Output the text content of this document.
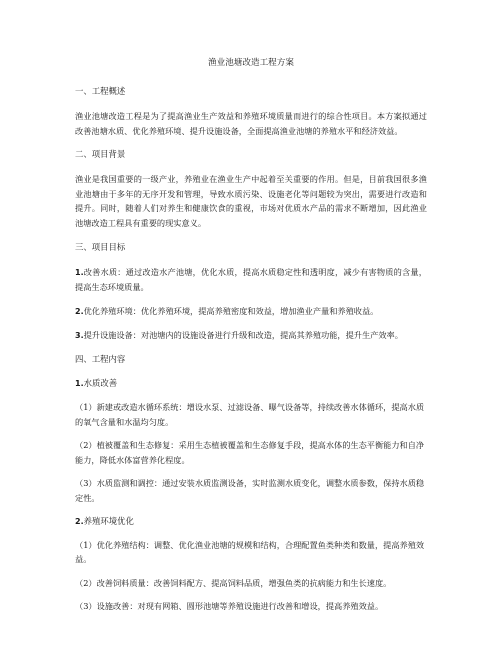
渔业池塘改造工程方案
一、工程概述
渔业池塘改造工程是为了提高渔业生产效益和养殖环境质量而进行的综合性项目。本方案拟通过改善池塘水质、优化养殖环境、提升设施设备，全面提高渔业池塘的养殖水平和经济效益。
二、项目背景
渔业是我国重要的一级产业，养殖业在渔业生产中起着至关重要的作用。但是，目前我国很多渔业池塘由于多年的无序开发和管理，导致水质污染、设施老化等问题较为突出，需要进行改造和提升。同时，随着人们对养生和健康饮食的重视，市场对优质水产品的需求不断增加，因此渔业池塘改造工程具有重要的现实意义。
三、项目目标
1.改善水质：通过改造水产池塘，优化水质，提高水质稳定性和透明度，减少有害物质的含量，提高生态环境质量。
2.优化养殖环境：优化养殖环境，提高养殖密度和效益，增加渔业产量和养殖收益。
3.提升设施设备：对池塘内的设施设备进行升级和改造，提高其养殖功能，提升生产效率。
四、工程内容
1.水质改善
（1）新建或改造水循环系统：增设水泵、过滤设备、曝气设备等，持续改善水体循环，提高水质的氧气含量和水温均匀度。
（2）植被覆盖和生态修复：采用生态植被覆盖和生态修复手段，提高水体的生态平衡能力和自净能力，降低水体富营养化程度。
（3）水质监测和调控：通过安装水质监测设备，实时监测水质变化，调整水质参数，保持水质稳定性。
2.养殖环境优化
（1）优化养殖结构：调整、优化渔业池塘的规模和结构，合理配置鱼类种类和数量，提高养殖效益。
（2）改善饲料质量：改善饲料配方、提高饲料品质，增强鱼类的抗病能力和生长速度。
（3）设施改善：对现有网箱、圆形池塘等养殖设施进行改善和增设，提高养殖效益。
